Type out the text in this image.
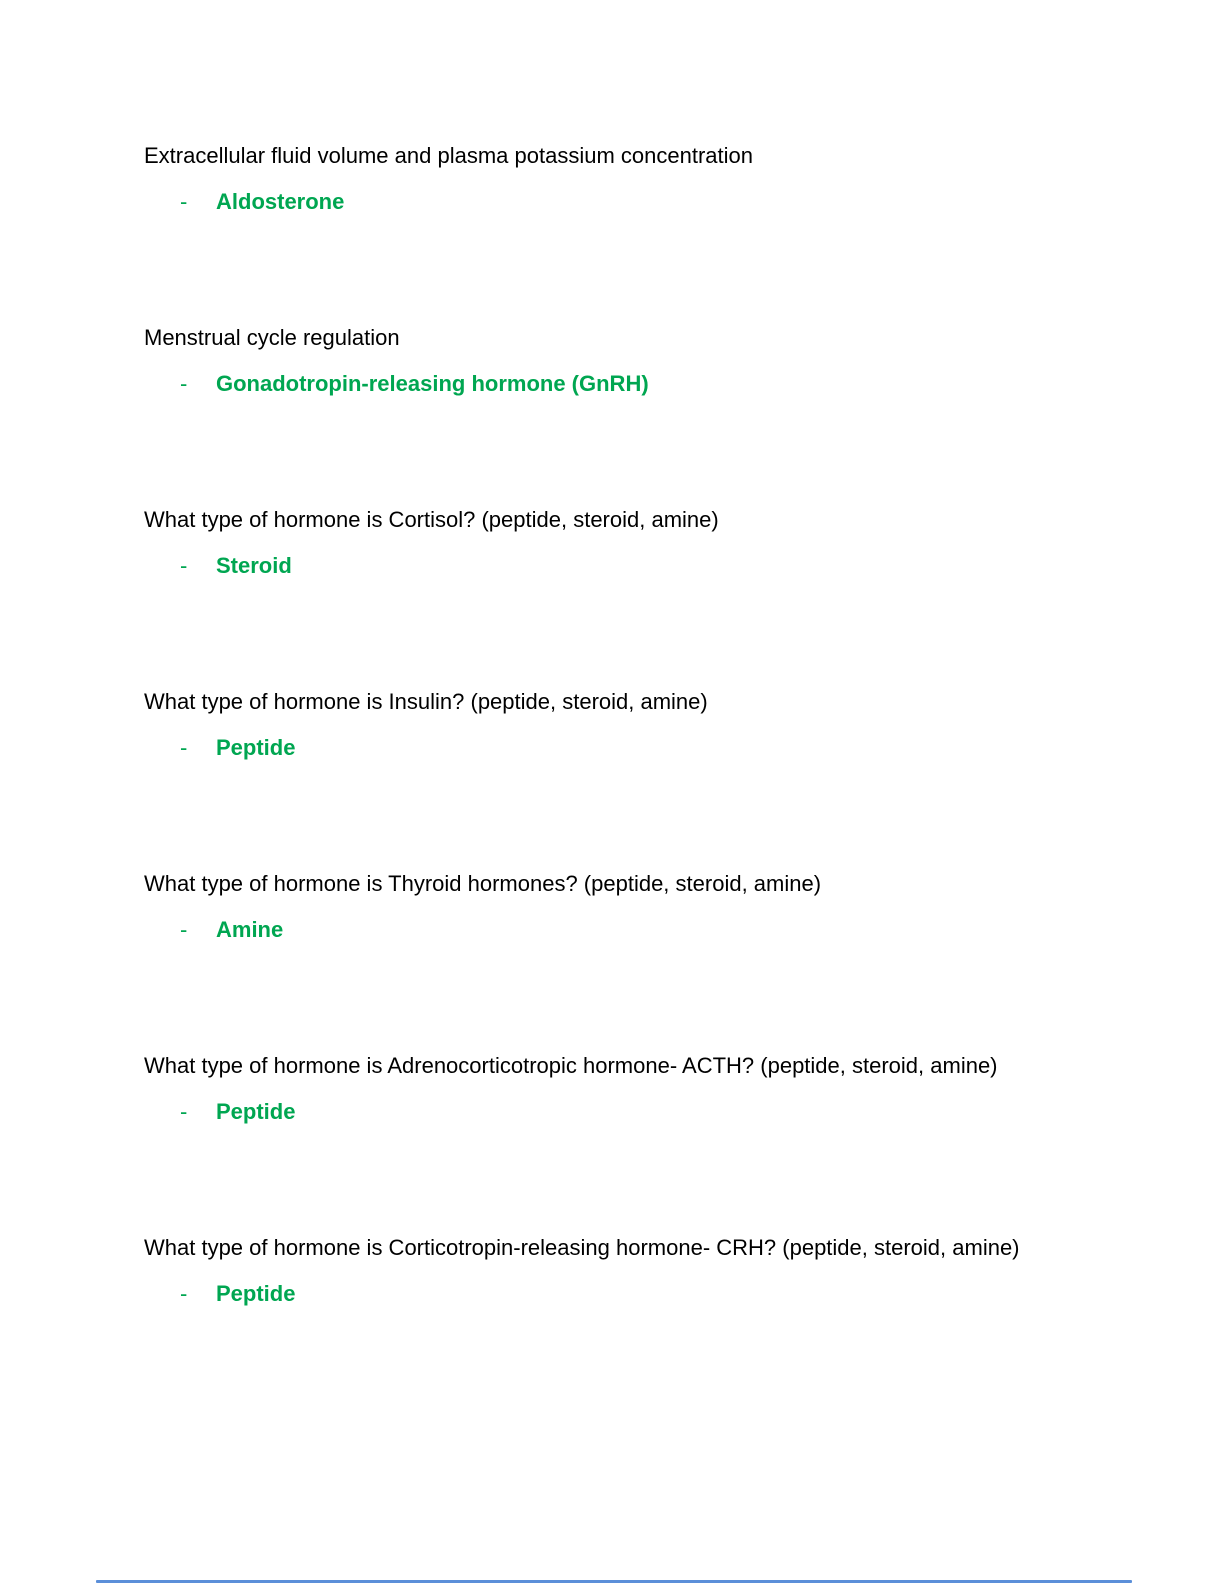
Extracellular fluid volume and plasma potassium concentration

-	Aldosterone

Menstrual cycle regulation

-	Gonadotropin-releasing hormone (GnRH)

What type of hormone is Cortisol? (peptide, steroid, amine)

-	Steroid

What type of hormone is Insulin? (peptide, steroid, amine)

-	Peptide

What type of hormone is Thyroid hormones? (peptide, steroid, amine)

-	Amine

What type of hormone is Adrenocorticotropic hormone- ACTH? (peptide, steroid, amine)

-	Peptide

What type of hormone is Corticotropin-releasing hormone- CRH? (peptide, steroid, amine)

-	Peptide
